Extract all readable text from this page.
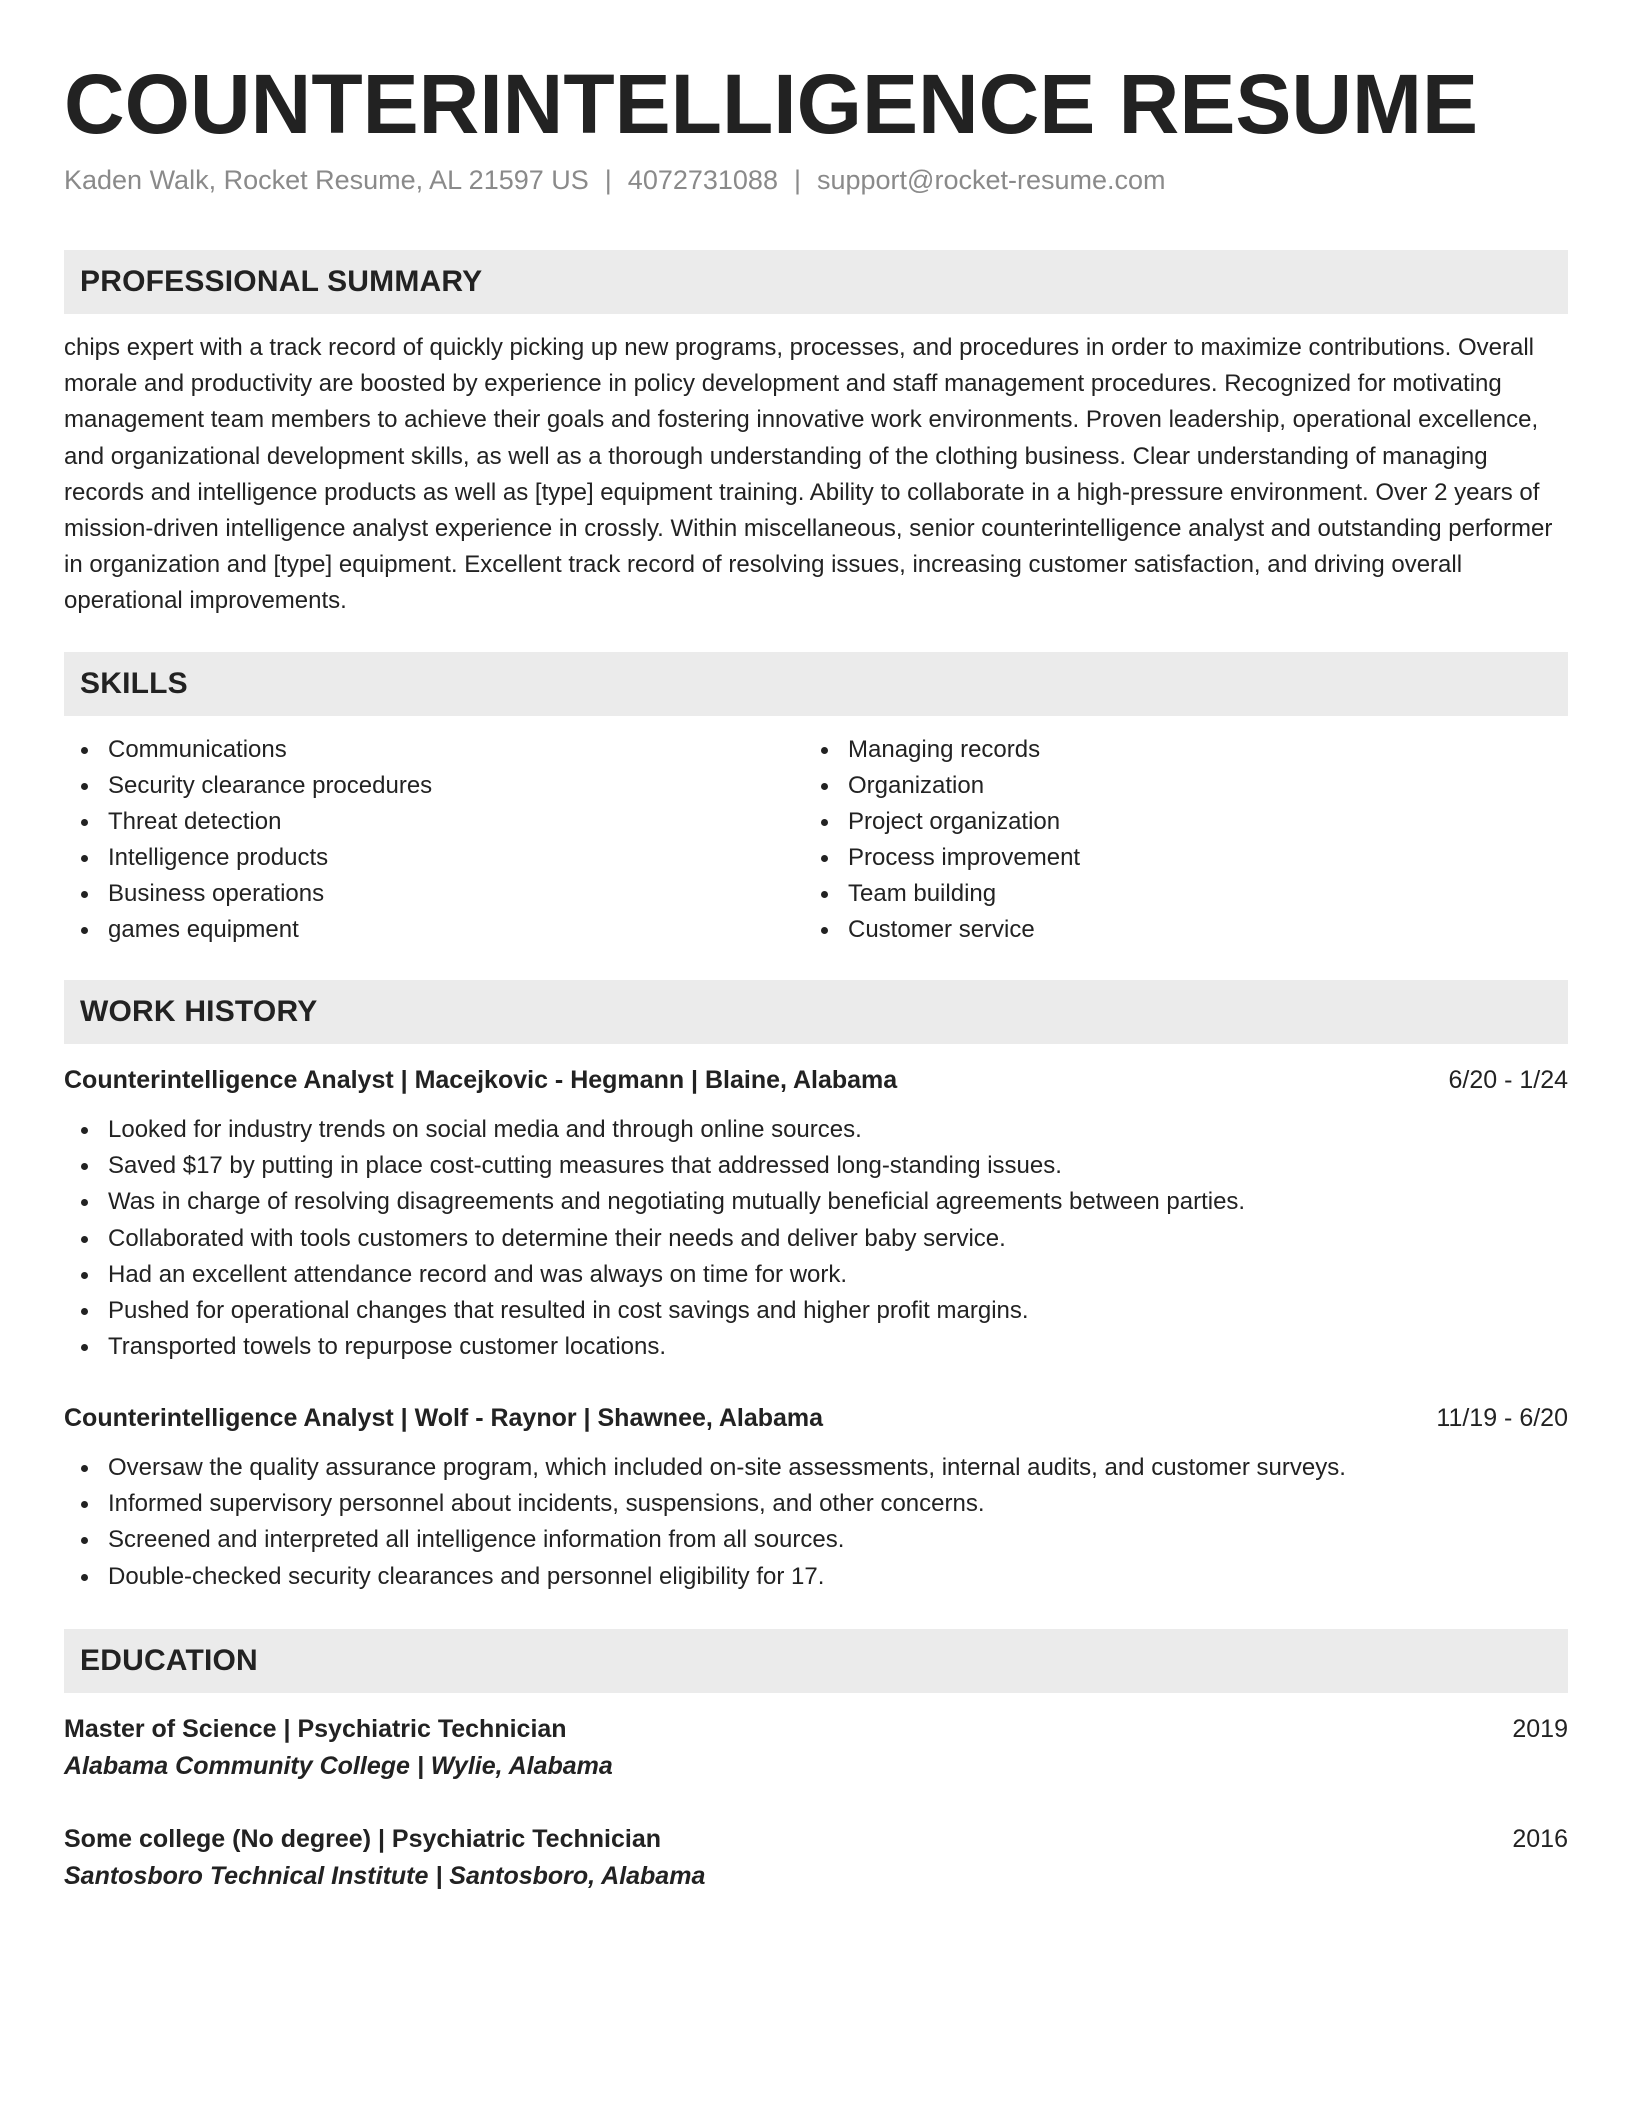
COUNTERINTELLIGENCE RESUME
Kaden Walk, Rocket Resume, AL 21597 US | 4072731088 | support@rocket-resume.com
PROFESSIONAL SUMMARY

chips expert with a track record of quickly picking up new programs, processes, and procedures in order to maximize contributions. Overall morale and productivity are boosted by experience in policy development and staff management procedures. Recognized for motivating management team members to achieve their goals and fostering innovative work environments. Proven leadership, operational excellence, and organizational development skills, as well as a thorough understanding of the clothing business. Clear understanding of managing records and intelligence products as well as [type] equipment training. Ability to collaborate in a high-pressure environment. Over 2 years of mission-driven intelligence analyst experience in crossly. Within miscellaneous, senior counterintelligence analyst and outstanding performer in organization and [type] equipment. Excellent track record of resolving issues, increasing customer satisfaction, and driving overall operational improvements.

SKILLS
Communications
Security clearance procedures
Threat detection
Intelligence products
Business operations
games equipment
Managing records
Organization
Project organization
Process improvement
Team building
Customer service
WORK HISTORY
Counterintelligence Analyst | Macejkovic - Hegmann | Blaine, Alabama	6/20 - 1/24
Looked for industry trends on social media and through online sources.
Saved $17 by putting in place cost-cutting measures that addressed long-standing issues.
Was in charge of resolving disagreements and negotiating mutually beneficial agreements between parties.
Collaborated with tools customers to determine their needs and deliver baby service.
Had an excellent attendance record and was always on time for work.
Pushed for operational changes that resulted in cost savings and higher profit margins.
Transported towels to repurpose customer locations.
Counterintelligence Analyst | Wolf - Raynor | Shawnee, Alabama	11/19 - 6/20
Oversaw the quality assurance program, which included on-site assessments, internal audits, and customer surveys.
Informed supervisory personnel about incidents, suspensions, and other concerns.
Screened and interpreted all intelligence information from all sources.
Double-checked security clearances and personnel eligibility for 17.
EDUCATION
Master of Science | Psychiatric Technician	2019
Alabama Community College | Wylie, Alabama
Some college (No degree) | Psychiatric Technician	2016
Santosboro Technical Institute | Santosboro, Alabama
